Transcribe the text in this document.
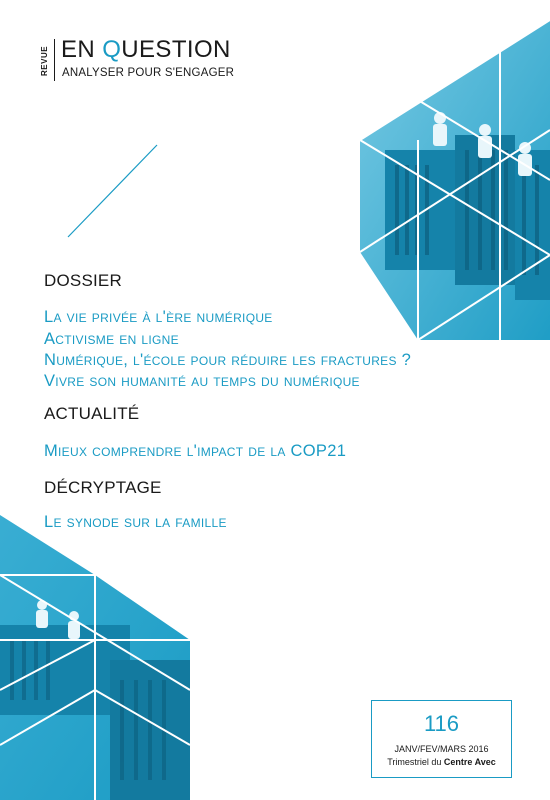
REVUE EN QUESTION
ANALYSER POUR S'ENGAGER
DOSSIER
La vie privée à l'ère numérique
Activisme en ligne
Numérique, l'école pour réduire les fractures ?
Vivre son humanité au temps du numérique
ACTUALITÉ
Mieux comprendre l'impact de la COP21
DÉCRYPTAGE
Le synode sur la famille
116
JANV/FEV/MARS 2016
Trimestriel du Centre Avec
